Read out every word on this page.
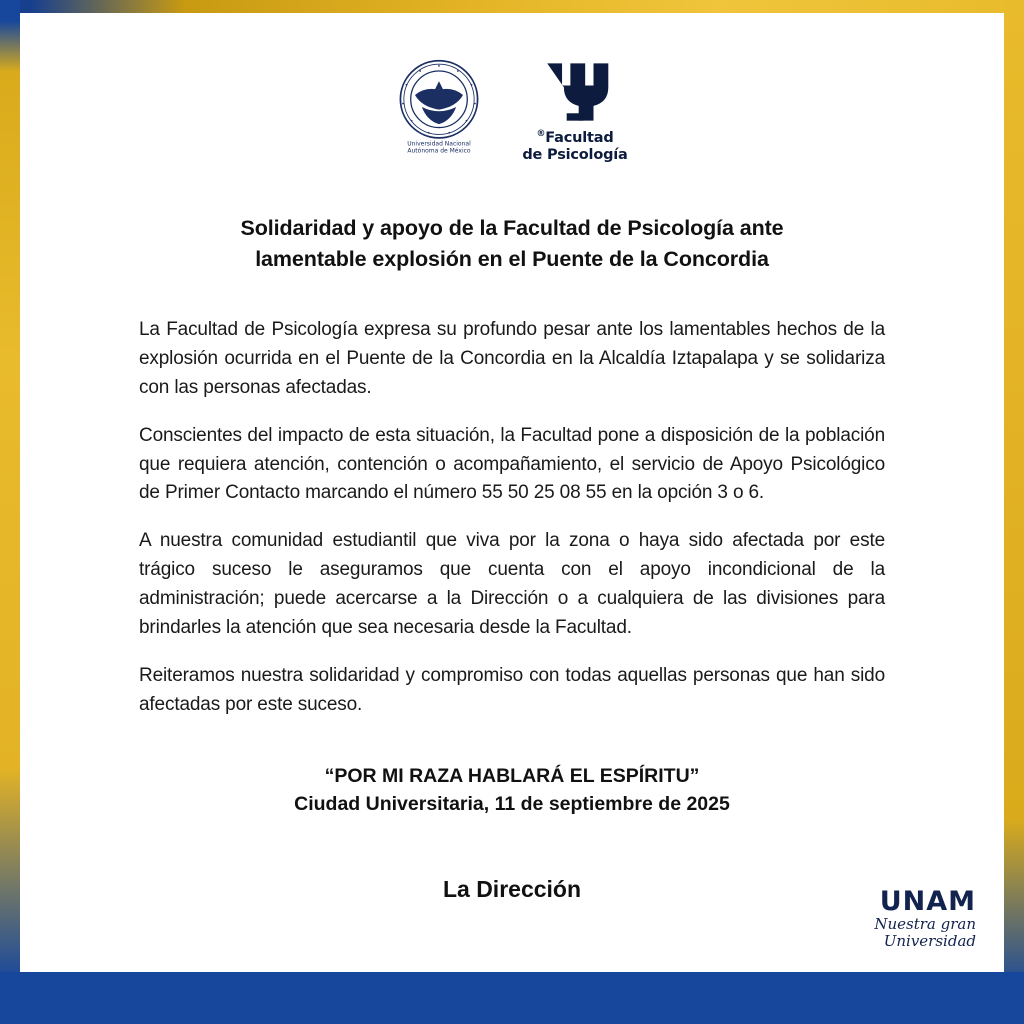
Universidad Nacional
Autónoma de México
®Facultad
de Psicología
Solidaridad y apoyo de la Facultad de Psicología ante
lamentable explosión en el Puente de la Concordia

La Facultad de Psicología expresa su profundo pesar ante los lamentables hechos de la explosión ocurrida en el Puente de la Concordia en la Alcaldía Iztapalapa y se solidariza con las personas afectadas.

Conscientes del impacto de esta situación, la Facultad pone a disposición de la población que requiera atención, contención o acompañamiento, el servicio de Apoyo Psicológico de Primer Contacto marcando el número 55 50 25 08 55 en la opción 3 o 6.

A nuestra comunidad estudiantil que viva por la zona o haya sido afectada por este trágico suceso le aseguramos que cuenta con el apoyo incondicional de la administración; puede acercarse a la Dirección o a cualquiera de las divisiones para brindarles la atención que sea necesaria desde la Facultad.

Reiteramos nuestra solidaridad y compromiso con todas aquellas personas que han sido afectadas por este suceso.

“POR MI RAZA HABLARÁ EL ESPÍRITU”
Ciudad Universitaria, 11 de septiembre de 2025
La Dirección	UNAM
Nuestra gran
Universidad
